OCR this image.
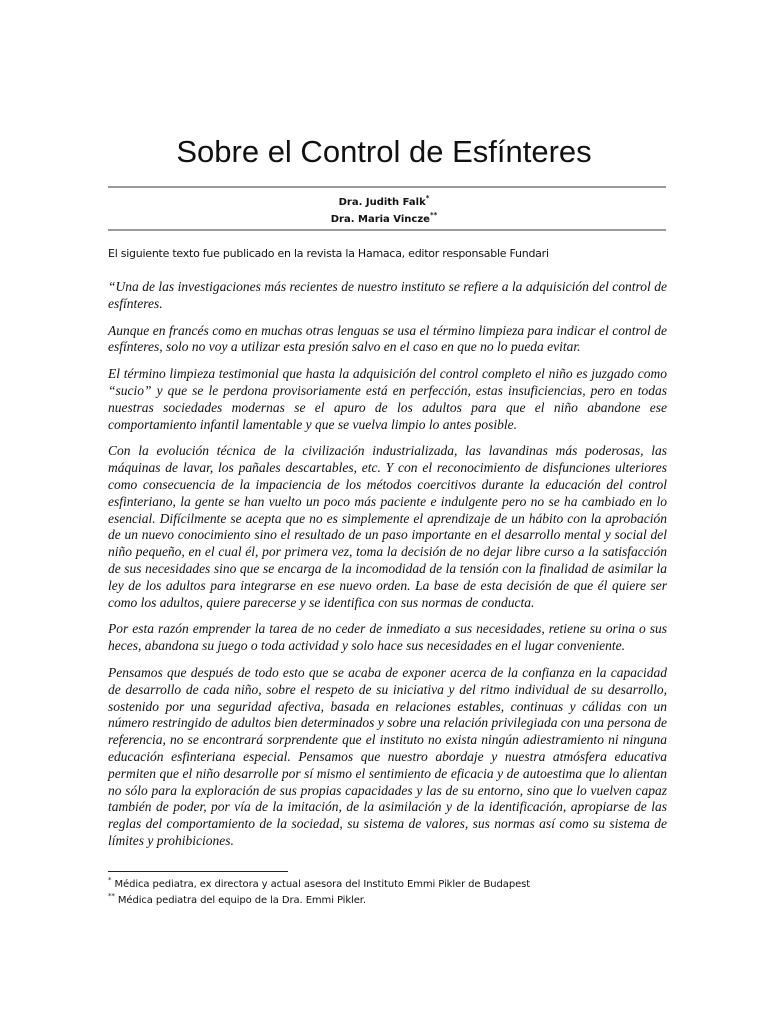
Sobre el Control de Esfínteres
Dra. Judith Falk*
Dra. Maria Vincze**
El siguiente texto fue publicado en la revista la Hamaca, editor responsable Fundari

“Una de las investigaciones más recientes de nuestro instituto se refiere a la adquisición del control de esfínteres.

Aunque en francés como en muchas otras lenguas se usa el término limpieza para indicar el control de esfínteres, solo no voy a utilizar esta presión salvo en el caso en que no lo pueda evitar.

El término limpieza testimonial que hasta la adquisición del control completo el niño es juzgado como “sucio” y que se le perdona provisoriamente está en perfección, estas insuficiencias, pero en todas nuestras sociedades modernas se el apuro de los adultos para que el niño abandone ese comportamiento infantil lamentable y que se vuelva limpio lo antes posible.

Con la evolución técnica de la civilización industrializada, las lavandinas más poderosas, las máquinas de lavar, los pañales descartables, etc. Y con el reconocimiento de disfunciones ulteriores como consecuencia de la impaciencia de los métodos coercitivos durante la educación del control esfinteriano, la gente se han vuelto un poco más paciente e indulgente pero no se ha cambiado en lo esencial. Difícilmente se acepta que no es simplemente el aprendizaje de un hábito con la aprobación de un nuevo conocimiento sino el resultado de un paso importante en el desarrollo mental y social del niño pequeño, en el cual él, por primera vez, toma la decisión de no dejar libre curso a la satisfacción de sus necesidades sino que se encarga de la incomodidad de la tensión con la finalidad de asimilar la ley de los adultos para integrarse en ese nuevo orden. La base de esta decisión de que él quiere ser como los adultos, quiere parecerse y se identifica con sus normas de conducta.

Por esta razón emprender la tarea de no ceder de inmediato a sus necesidades, retiene su orina o sus heces, abandona su juego o toda actividad y solo hace sus necesidades en el lugar conveniente.

Pensamos que después de todo esto que se acaba de exponer acerca de la confianza en la capacidad de desarrollo de cada niño, sobre el respeto de su iniciativa y del ritmo individual de su desarrollo, sostenido por una seguridad afectiva, basada en relaciones estables, continuas y cálidas con un número restringido de adultos bien determinados y sobre una relación privilegiada con una persona de referencia, no se encontrará sorprendente que el instituto no exista ningún adiestramiento ni ninguna educación esfinteriana especial. Pensamos que nuestro abordaje y nuestra atmósfera educativa permiten que el niño desarrolle por sí mismo el sentimiento de eficacia y de autoestima que lo alientan no sólo para la exploración de sus propias capacidades y las de su entorno, sino que lo vuelven capaz también de poder, por vía de la imitación, de la asimilación y de la identificación, apropiarse de las reglas del comportamiento de la sociedad, su sistema de valores, sus normas así como su sistema de límites y prohibiciones.

* Médica pediatra, ex directora y actual asesora del Instituto Emmi Pikler de Budapest
** Médica pediatra del equipo de la Dra. Emmi Pikler.
